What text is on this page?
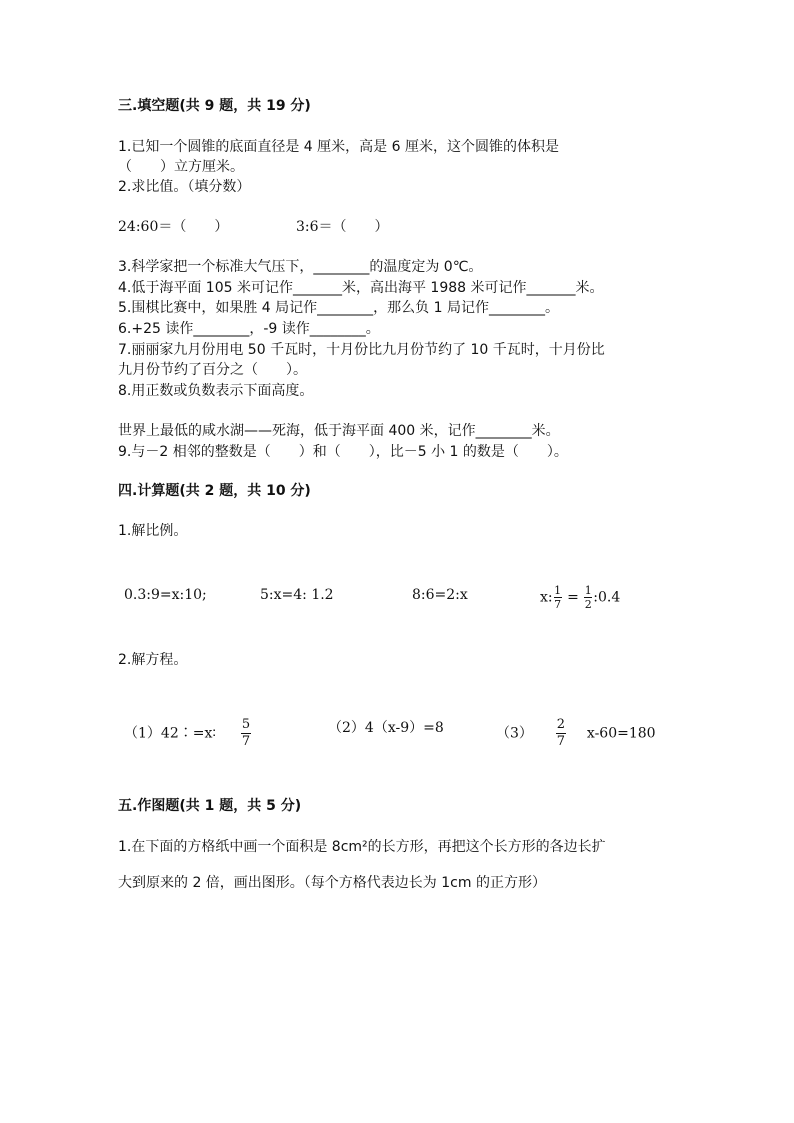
三.填空题(共 9 题，共 19 分)
1.已知一个圆锥的底面直径是 4 厘米，高是 6 厘米，这个圆锥的体积是
（　　）立方厘米。
2.求比值。（填分数）
24:60＝（　　）	3:6＝（　　）
3.科学家把一个标准大气压下，________的温度定为 0℃。
4.低于海平面 105 米可记作_______米，高出海平 1988 米可记作_______米。
5.围棋比赛中，如果胜 4 局记作________，那么负 1 局记作________。
6.+25 读作________，-9 读作________。
7.丽丽家九月份用电 50 千瓦时，十月份比九月份节约了 10 千瓦时，十月份比
九月份节约了百分之（　　）。
8.用正数或负数表示下面高度。
世界上最低的咸水湖——死海，低于海平面 400 米，记作________米。
9.与－2 相邻的整数是（　　）和（　　），比－5 小 1 的数是（　　）。
四.计算题(共 2 题，共 10 分)
1.解比例。
0.3:9=x:10;	5:x=4: 1.2	8:6=2:x	x: $\frac{1}{7} = \frac{1}{2}$ :0.4
2.解方程。
（1）42∶=x∶ $\frac{5}{7}$	（2）4（x-9）=8	$(3) \frac{2}{7} x-60=180$
五.作图题(共 1 题，共 5 分)
1.在下面的方格纸中画一个面积是 8cm²的长方形，再把这个长方形的各边长扩
大到原来的 2 倍，画出图形。（每个方格代表边长为 1cm 的正方形）
